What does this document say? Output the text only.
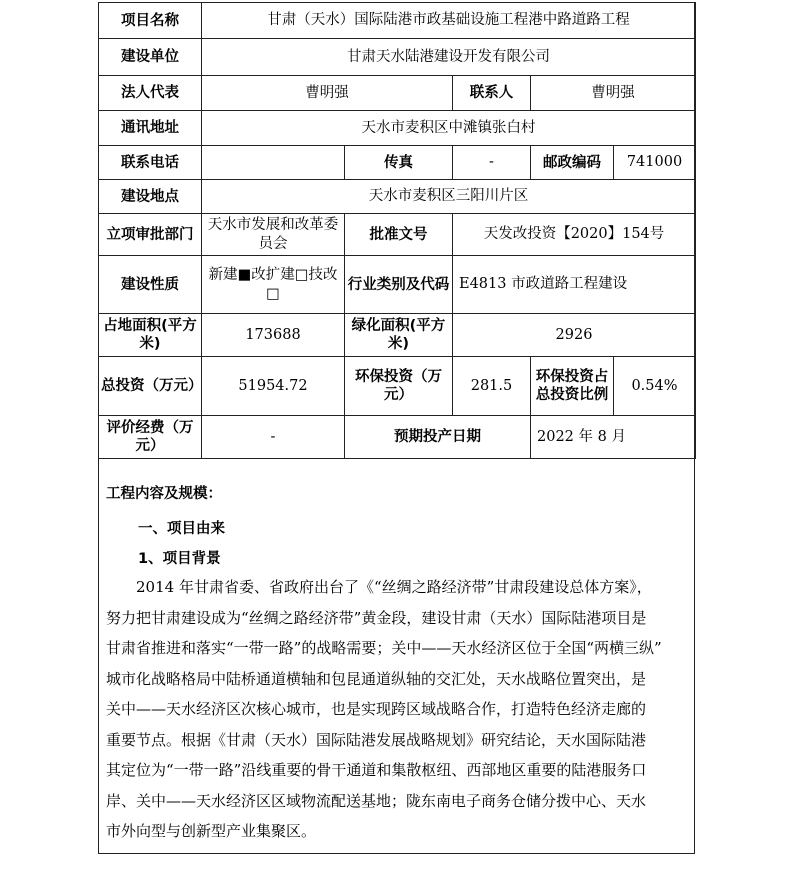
项目名称	甘肃（天水）国际陆港市政基础设施工程港中路道路工程				
建设单位	甘肃天水陆港建设开发有限公司				
法人代表	曹明强		联系人	曹明强	
通讯地址	天水市麦积区中滩镇张白村				
联系电话		传真	-	邮政编码	741000
建设地点	天水市麦积区三阳川片区				
立项审批部门	天水市发展和改革委员会	批准文号	天发改投资【2020】154号		
建设性质	新建■改扩建□技改□	行业类别及代码	E4813 市政道路工程建设		
占地面积(平方米)	173688	绿化面积(平方米)	2926		
总投资（万元）	51954.72	环保投资（万元）	281.5	环保投资占总投资比例	0.54%
评价经费（万元）	-	预期投产日期		2022 年 8 月	
工程内容及规模：
一、项目由来
1、项目背景
2014 年甘肃省委、省政府出台了《“丝绸之路经济带”甘肃段建设总体方案》，
努力把甘肃建设成为“丝绸之路经济带”黄金段，建设甘肃（天水）国际陆港项目是
甘肃省推进和落实“一带一路”的战略需要；关中——天水经济区位于全国“两横三纵”
城市化战略格局中陆桥通道横轴和包昆通道纵轴的交汇处，天水战略位置突出，是
关中——天水经济区次核心城市，也是实现跨区域战略合作，打造特色经济走廊的
重要节点。根据《甘肃（天水）国际陆港发展战略规划》研究结论，天水国际陆港
其定位为“一带一路”沿线重要的骨干通道和集散枢纽、西部地区重要的陆港服务口
岸、关中——天水经济区区域物流配送基地；陇东南电子商务仓储分拨中心、天水
市外向型与创新型产业集聚区。
